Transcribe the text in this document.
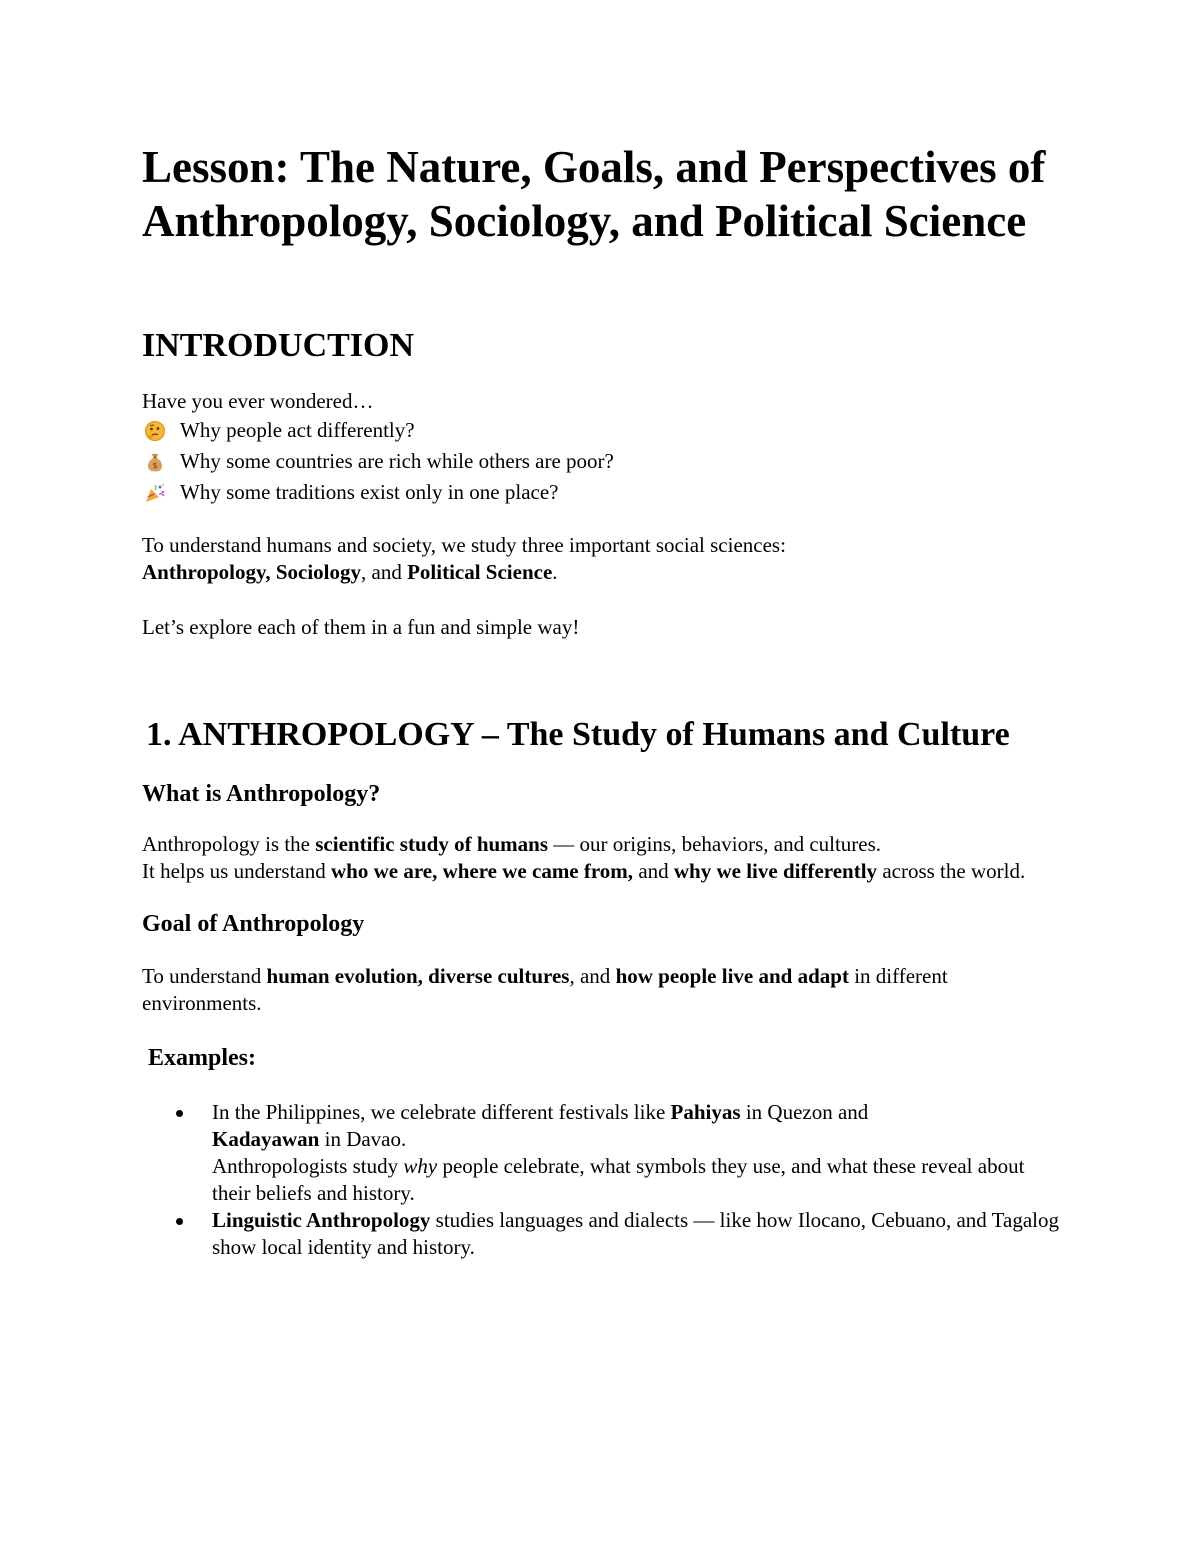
Lesson: The Nature, Goals, and Perspectives of Anthropology, Sociology, and Political Science
INTRODUCTION

Have you ever wondered…

Why people act differently?
$ Why some countries are rich while others are poor?
Why some traditions exist only in one place?

To understand humans and society, we study three important social sciences:
Anthropology, Sociology, and Political Science.

Let’s explore each of them in a fun and simple way!

1. ANTHROPOLOGY – The Study of Humans and Culture
What is Anthropology?

Anthropology is the scientific study of humans — our origins, behaviors, and cultures.
It helps us understand who we are, where we came from, and why we live differently across the world.

Goal of Anthropology

To understand human evolution, diverse cultures, and how people live and adapt in different environments.

Examples:
In the Philippines, we celebrate different festivals like Pahiyas in Quezon and
Kadayawan in Davao.
Anthropologists study why people celebrate, what symbols they use, and what these reveal about their beliefs and history.
Linguistic Anthropology studies languages and dialects — like how Ilocano, Cebuano, and Tagalog show local identity and history.
